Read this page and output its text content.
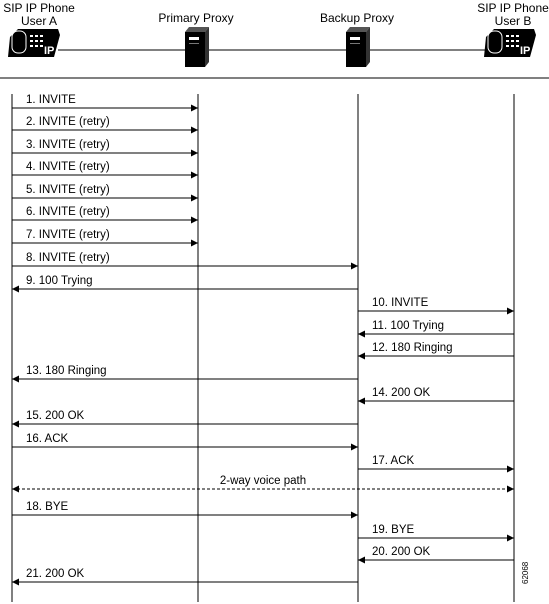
SIP IP Phone
User A	Primary Proxy	Backup Proxy
SIP IP Phone
User B
IP	IP
62068
1. INVITE
2. INVITE (retry)
3. INVITE (retry)
4. INVITE (retry)
5. INVITE (retry)
6. INVITE (retry)
7. INVITE (retry)
8. INVITE (retry)
9. 100 Trying
10. INVITE
11. 100 Trying
12. 180 Ringing
13. 180 Ringing
14. 200 OK
15. 200 OK
16. ACK
17. ACK
2-way voice path
18. BYE
19. BYE
20. 200 OK
21. 200 OK
